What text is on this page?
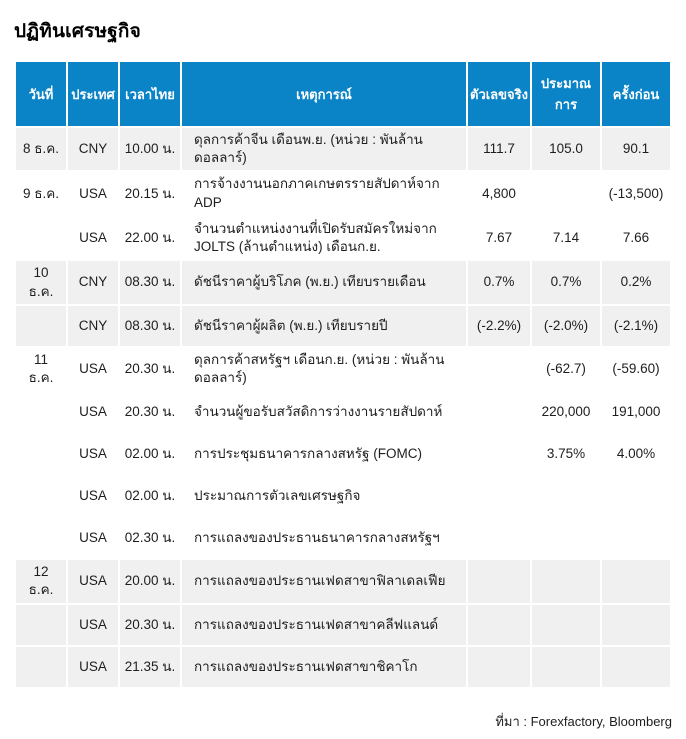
ปฏิทินเศรษฐกิจ
วันที่	ประเทศ	เวลาไทย	เหตุการณ์	ตัวเลขจริง	ประมาณการ	ครั้งก่อน
8 ธ.ค.	CNY	10.00 น.	ดุลการค้าจีน เดือนพ.ย. (หน่วย : พันล้านดอลลาร์)	111.7	105.0	90.1
9 ธ.ค.	USA	20.15 น.	การจ้างงานนอกภาคเกษตรรายสัปดาห์จาก ADP	4,800		(-13,500)
	USA	22.00 น.	จำนวนตำแหน่งงานที่เปิดรับสมัครใหม่จาก JOLTS (ล้านตำแหน่ง) เดือนก.ย.	7.67	7.14	7.66
10 ธ.ค.	CNY	08.30 น.	ดัชนีราคาผู้บริโภค (พ.ย.) เทียบรายเดือน	0.7%	0.7%	0.2%
	CNY	08.30 น.	ดัชนีราคาผู้ผลิต (พ.ย.) เทียบรายปี	(-2.2%)	(-2.0%)	(-2.1%)
11 ธ.ค.	USA	20.30 น.	ดุลการค้าสหรัฐฯ เดือนก.ย. (หน่วย : พันล้านดอลลาร์)		(-62.7)	(-59.60)
	USA	20.30 น.	จำนวนผู้ขอรับสวัสดิการว่างงานรายสัปดาห์		220,000	191,000
	USA	02.00 น.	การประชุมธนาคารกลางสหรัฐ (FOMC)		3.75%	4.00%
	USA	02.00 น.	ประมาณการตัวเลขเศรษฐกิจ			
	USA	02.30 น.	การแถลงของประธานธนาคารกลางสหรัฐฯ			
12 ธ.ค.	USA	20.00 น.	การแถลงของประธานเฟดสาขาฟิลาเดลเฟีย			
	USA	20.30 น.	การแถลงของประธานเฟดสาขาคลีฟแลนด์			
	USA	21.35 น.	การแถลงของประธานเฟดสาขาชิคาโก			
ที่มา : Forexfactory, Bloomberg
